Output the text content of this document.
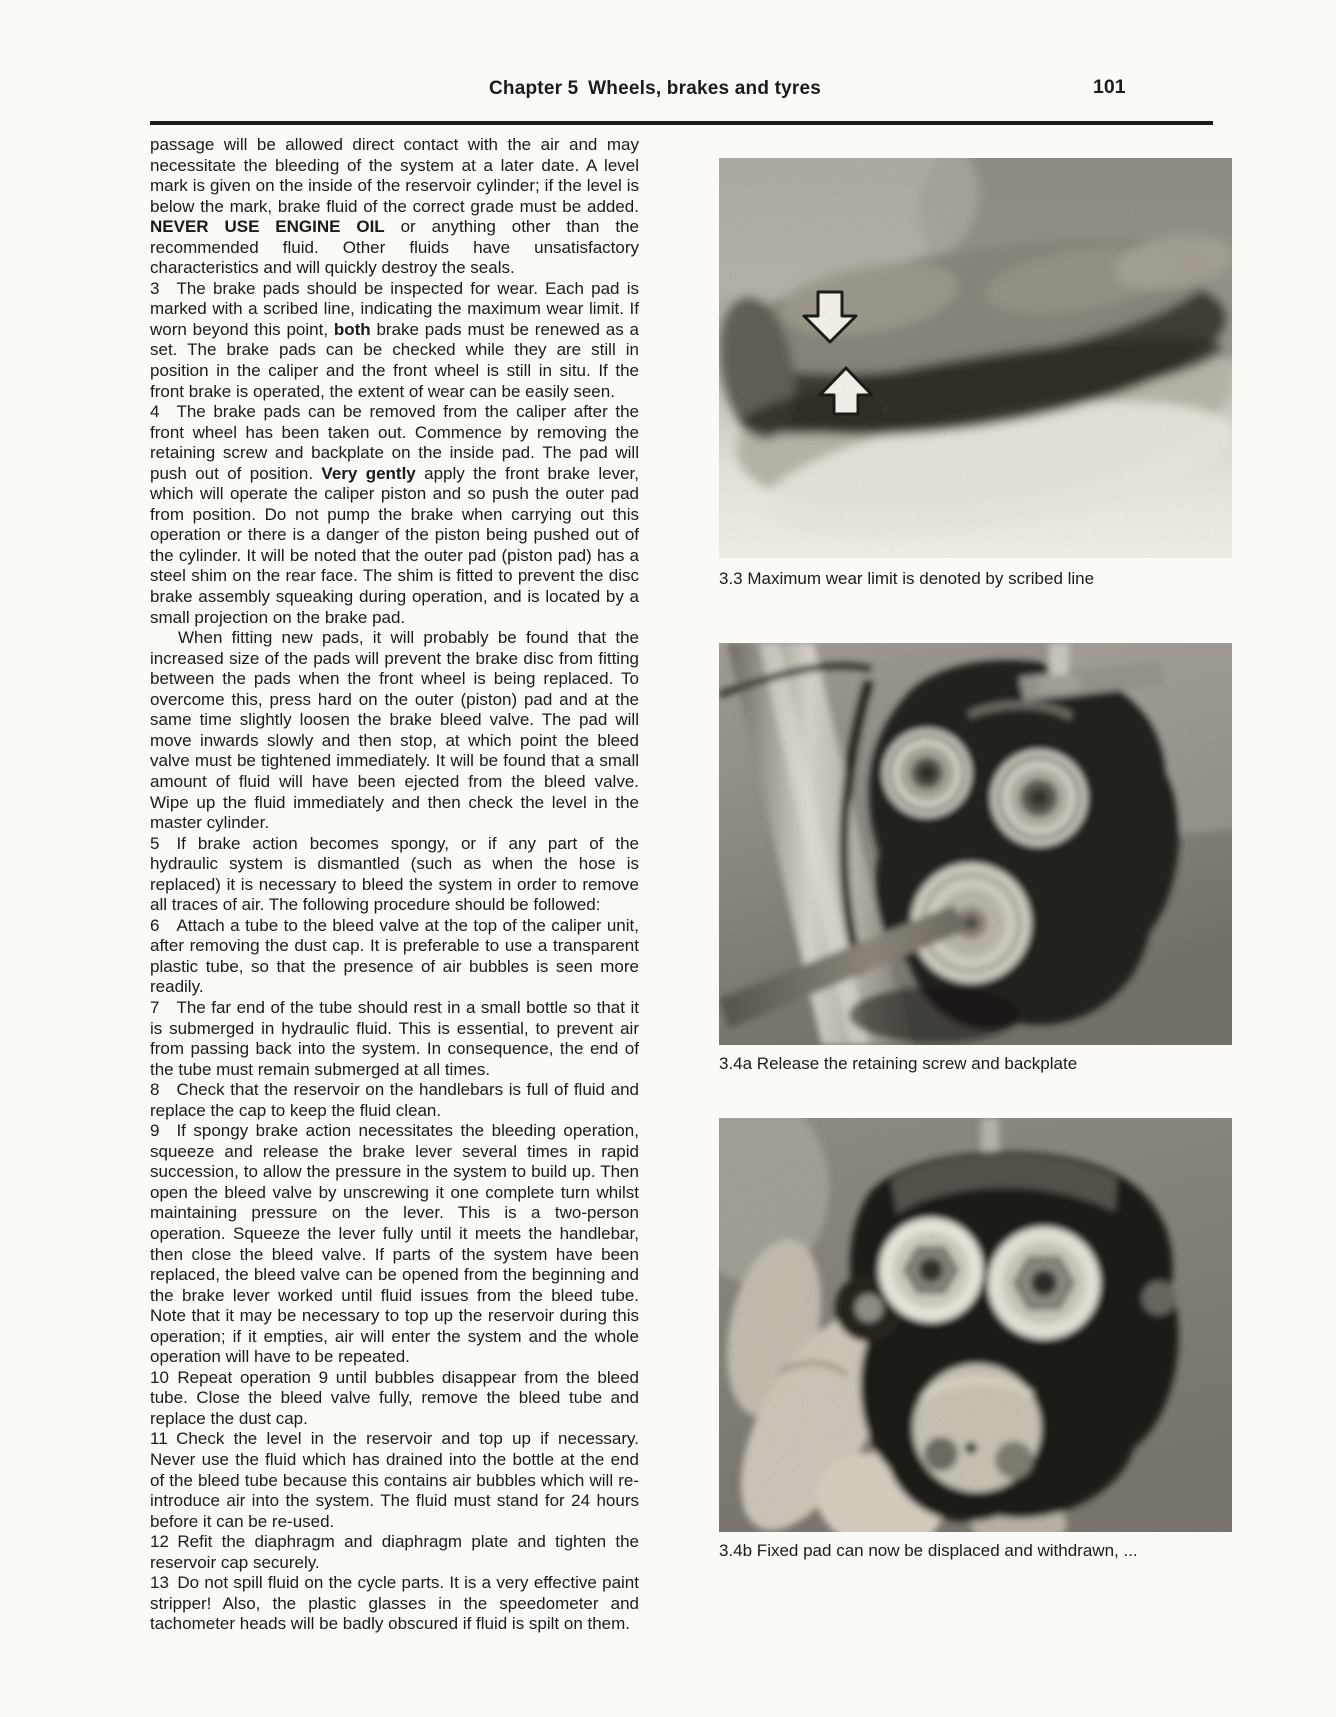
Chapter 5 Wheels, brakes and tyres	101

passage will be allowed direct contact with the air and may necessitate the bleeding of the system at a later date. A level mark is given on the inside of the reservoir cylinder; if the level is below the mark, brake fluid of the correct grade must be added. NEVER USE ENGINE OIL or anything other than the recommended fluid. Other fluids have unsatisfactory characteristics and will quickly destroy the seals.

3  The brake pads should be inspected for wear. Each pad is marked with a scribed line, indicating the maximum wear limit. If worn beyond this point, both brake pads must be renewed as a set. The brake pads can be checked while they are still in position in the caliper and the front wheel is still in situ. If the front brake is operated, the extent of wear can be easily seen.

4  The brake pads can be removed from the caliper after the front wheel has been taken out. Commence by removing the retaining screw and backplate on the inside pad. The pad will push out of position. Very gently apply the front brake lever, which will operate the caliper piston and so push the outer pad from position. Do not pump the brake when carrying out this operation or there is a danger of the piston being pushed out of the cylinder. It will be noted that the outer pad (piston pad) has a steel shim on the rear face. The shim is fitted to prevent the disc brake assembly squeaking during operation, and is located by a small projection on the brake pad.

When fitting new pads, it will probably be found that the increased size of the pads will prevent the brake disc from fitting between the pads when the front wheel is being replaced. To overcome this, press hard on the outer (piston) pad and at the same time slightly loosen the brake bleed valve. The pad will move inwards slowly and then stop, at which point the bleed valve must be tightened immediately. It will be found that a small amount of fluid will have been ejected from the bleed valve. Wipe up the fluid immediately and then check the level in the master cylinder.

5  If brake action becomes spongy, or if any part of the hydraulic system is dismantled (such as when the hose is replaced) it is necessary to bleed the system in order to remove all traces of air. The following procedure should be followed:

6  Attach a tube to the bleed valve at the top of the caliper unit, after removing the dust cap. It is preferable to use a transparent plastic tube, so that the presence of air bubbles is seen more readily.

7  The far end of the tube should rest in a small bottle so that it is submerged in hydraulic fluid. This is essential, to prevent air from passing back into the system. In consequence, the end of the tube must remain submerged at all times.

8  Check that the reservoir on the handlebars is full of fluid and replace the cap to keep the fluid clean.

9  If spongy brake action necessitates the bleeding operation, squeeze and release the brake lever several times in rapid succession, to allow the pressure in the system to build up. Then open the bleed valve by unscrewing it one complete turn whilst maintaining pressure on the lever. This is a two-person operation. Squeeze the lever fully until it meets the handlebar, then close the bleed valve. If parts of the system have been replaced, the bleed valve can be opened from the beginning and the brake lever worked until fluid issues from the bleed tube. Note that it may be necessary to top up the reservoir during this operation; if it empties, air will enter the system and the whole operation will have to be repeated.

10 Repeat operation 9 until bubbles disappear from the bleed tube. Close the bleed valve fully, remove the bleed tube and replace the dust cap.

11 Check the level in the reservoir and top up if necessary. Never use the fluid which has drained into the bottle at the end of the bleed tube because this contains air bubbles which will re-introduce air into the system. The fluid must stand for 24 hours before it can be re-used.

12 Refit the diaphragm and diaphragm plate and tighten the reservoir cap securely.

13 Do not spill fluid on the cycle parts. It is a very effective paint stripper! Also, the plastic glasses in the speedometer and tachometer heads will be badly obscured if fluid is spilt on them.

3.3 Maximum wear limit is denoted by scribed line
3.4a Release the retaining screw and backplate
3.4b Fixed pad can now be displaced and withdrawn, ...
